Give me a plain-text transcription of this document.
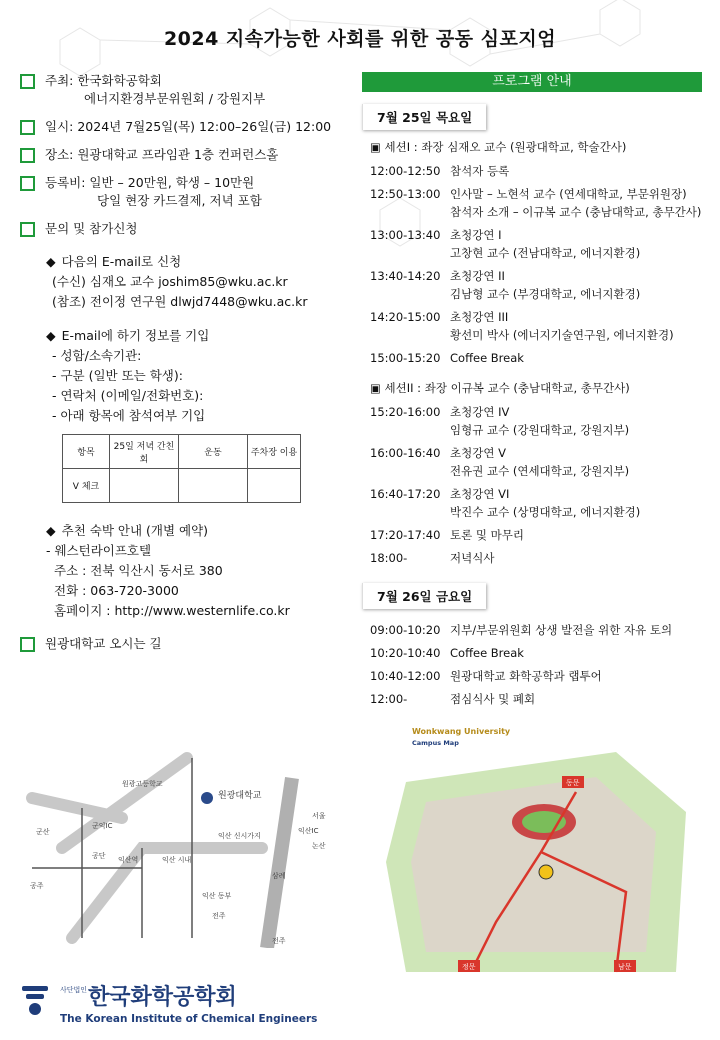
2024 지속가능한 사회를 위한 공동 심포지엄
주최: 한국화학공학회
에너지환경부문위원회 / 강원지부
일시: 2024년 7월25일(목) 12:00–26일(금) 12:00
장소: 원광대학교 프라임관 1층 컨퍼런스홀
등록비: 일반 – 20만원, 학생 – 10만원
당일 현장 카드결제, 저녁 포함
문의 및 참가신청
◆ 다음의 E-mail로 신청
(수신) 심재오 교수 joshim85@wku.ac.kr
(참조) 전이정 연구원 dlwjd7448@wku.ac.kr
◆ E-mail에 하기 정보를 기입
- 성함/소속기관:
- 구분 (일반 또는 학생):
- 연락처 (이메일/전화번호):
- 아래 항목에 참석여부 기입
항목	25일 저녁 간친회	운동	주차장 이용
V 체크			
◆ 추천 숙박 안내 (개별 예약)
- 웨스턴라이프호텔
주소 : 전북 익산시 동서로 380
전화 : 063-720-3000
홈페이지 : http://www.westernlife.co.kr
원광대학교 오시는 길
프로그램 안내
7월 25일 목요일
▣ 세션I : 좌장 심재오 교수 (원광대학교, 학술간사)
12:00-12:50 참석자 등록
12:50-13:00 인사말 – 노현석 교수 (연세대학교, 부문위원장)
참석자 소개 – 이규복 교수 (충남대학교, 총무간사)
13:00-13:40 초청강연 I
고창현 교수 (전남대학교, 에너지환경)
13:40-14:20 초청강연 II
김남형 교수 (부경대학교, 에너지환경)
14:20-15:00 초청강연 III
황선미 박사 (에너지기술연구원, 에너지환경)
15:00-15:20 Coffee Break
▣ 세션II : 좌장 이규복 교수 (충남대학교, 총무간사)
15:20-16:00 초청강연 IV
임형규 교수 (강원대학교, 강원지부)
16:00-16:40 초청강연 V
전유권 교수 (연세대학교, 강원지부)
16:40-17:20 초청강연 VI
박진수 교수 (상명대학교, 에너지환경)
17:20-17:40 토론 및 마무리
18:00-	저녁식사
7월 26일 금요일
09:00-10:20 지부/부문위원회 상생 발전을 위한 자유 토의
10:20-10:40 Coffee Break
10:40-12:00 원광대학교 화학공학과 랩투어
12:00-	점심식사 및 폐회
원광고등학교
원광대학교
군산
익산역	익산 시내
전주
서울
논산
삼례
익산IC
공주
전주
공단
익산 신시가지
군익IC
익산 동부
Wonkwang University
Campus Map
동문
정문	남문
사단법인 한국화학공학회
The Korean Institute of Chemical Engineers
